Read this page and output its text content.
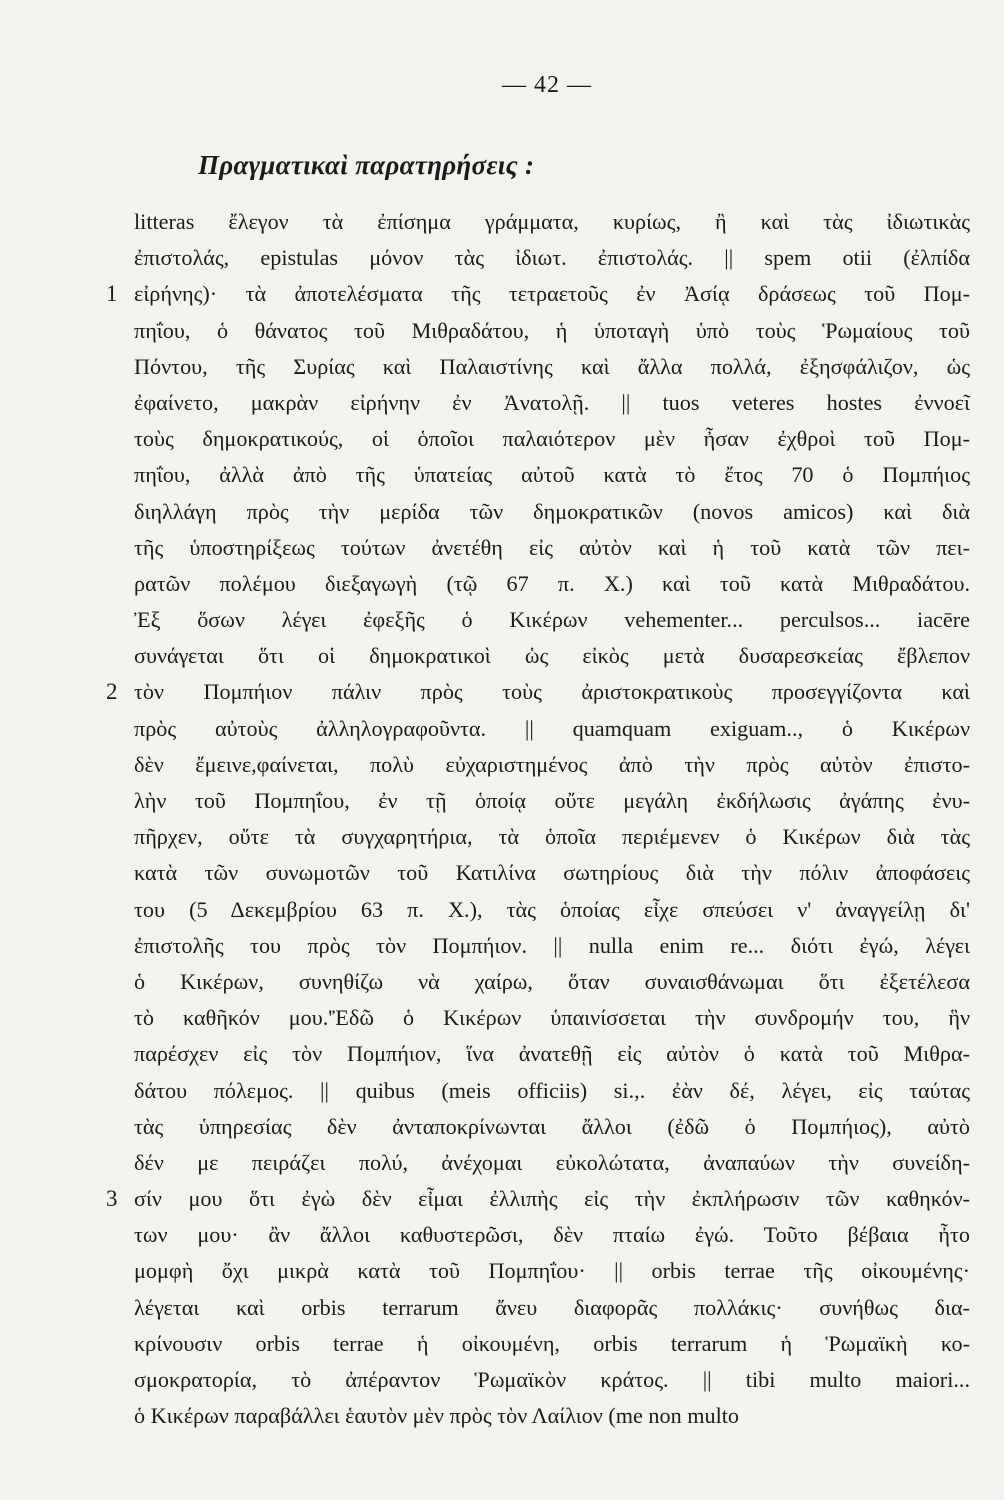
— 42 —
Πραγματικαὶ παρατηρήσεις :
litteras ἔλεγον τὰ ἐπίσημα γράμματα, κυρίως, ἢ καὶ τὰς ἰδιωτικὰς
ἐπιστολάς, epistulas μόνον τὰς ἰδιωτ. ἐπιστολάς. || spem otii (ἐλπίδα
1 εἰρήνης)· τὰ ἀποτελέσματα τῆς τετραετοῦς ἐν Ἀσίᾳ δράσεως τοῦ Πομ-
πηΐου, ὁ θάνατος τοῦ Μιθραδάτου, ἡ ὑποταγὴ ὑπὸ τοὺς Ῥωμαίους τοῦ
Πόντου, τῆς Συρίας καὶ Παλαιστίνης καὶ ἄλλα πολλά, ἐξησφάλιζον, ὡς
ἐφαίνετο, μακρὰν εἰρήνην ἐν Ἀνατολῇ. || tuos veteres hostes ἐννοεῖ
τοὺς δημοκρατικούς, οἱ ὁποῖοι παλαιότερον μὲν ἦσαν ἐχθροὶ τοῦ Πομ-
πηΐου, ἀλλὰ ἀπὸ τῆς ὑπατείας αὐτοῦ κατὰ τὸ ἔτος 70 ὁ Πομπήιος
διηλλάγη πρὸς τὴν μερίδα τῶν δημοκρατικῶν (novos amicos) καὶ διὰ
τῆς ὑποστηρίξεως τούτων ἀνετέθη εἰς αὐτὸν καὶ ἡ τοῦ κατὰ τῶν πει-
ρατῶν πολέμου διεξαγωγὴ (τῷ 67 π. Χ.) καὶ τοῦ κατὰ Μιθραδάτου.
Ἐξ ὅσων λέγει ἐφεξῆς ὁ Κικέρων vehementer... perculsos... iacēre
συνάγεται ὅτι οἱ δημοκρατικοὶ ὡς εἰκὸς μετὰ δυσαρεσκείας ἔβλεπον
2 τὸν Πομπήιον πάλιν πρὸς τοὺς ἀριστοκρατικοὺς προσεγγίζοντα καὶ
πρὸς αὐτοὺς ἀλληλογραφοῦντα. || quamquam exiguam.., ὁ Κικέρων
δὲν ἔμεινε,φαίνεται, πολὺ εὐχαριστημένος ἀπὸ τὴν πρὸς αὐτὸν ἐπιστο-
λὴν τοῦ Πομπηΐου, ἐν τῇ ὁποίᾳ οὔτε μεγάλη ἐκδήλωσις ἀγάπης ἐνυ-
πῆρχεν, οὔτε τὰ συγχαρητήρια, τὰ ὁποῖα περιέμενεν ὁ Κικέρων διὰ τὰς
κατὰ τῶν συνωμοτῶν τοῦ Κατιλίνα σωτηρίους διὰ τὴν πόλιν ἀποφάσεις
του (5 Δεκεμβρίου 63 π. Χ.), τὰς ὁποίας εἶχε σπεύσει ν' ἀναγγείλῃ δι'
ἐπιστολῆς του πρὸς τὸν Πομπήιον. || nulla enim re... διότι ἐγώ, λέγει
ὁ Κικέρων, συνηθίζω νὰ χαίρω, ὅταν συναισθάνωμαι ὅτι ἐξετέλεσα
τὸ καθῆκόν μου.'Ἐδῶ ὁ Κικέρων ὑπαινίσσεται τὴν συνδρομήν του, ἣν
παρέσχεν εἰς τὸν Πομπήιον, ἵνα ἀνατεθῇ εἰς αὐτὸν ὁ κατὰ τοῦ Μιθρα-
δάτου πόλεμος. || quibus (meis officiis) si.,. ἐὰν δέ, λέγει, εἰς ταύτας
τὰς ὑπηρεσίας δὲν ἀνταποκρίνωνται ἄλλοι (ἐδῶ ὁ Πομπήιος), αὐτὸ
δέν με πειράζει πολύ, ἀνέχομαι εὐκολώτατα, ἀναπαύων τὴν συνείδη-
3 σίν μου ὅτι ἐγὼ δὲν εἶμαι ἐλλιπὴς εἰς τὴν ἐκπλήρωσιν τῶν καθηκόν-
των μου· ἂν ἄλλοι καθυστερῶσι, δὲν πταίω ἐγώ. Τοῦτο βέβαια ἦτο
μομφὴ ὄχι μικρὰ κατὰ τοῦ Πομπηΐου· || orbis terrae τῆς οἰκουμένης·
λέγεται καὶ orbis terrarum ἄνευ διαφορᾶς πολλάκις· συνήθως δια-
κρίνουσιν orbis terrae ἡ οἰκουμένη, orbis terrarum ἡ Ῥωμαϊκὴ κο-
σμοκρατορία, τὸ ἀπέραντον Ῥωμαϊκὸν κράτος. || tibi multo maiori...
ὁ Κικέρων παραβάλλει ἑαυτὸν μὲν πρὸς τὸν Λαίλιον (me non multo
